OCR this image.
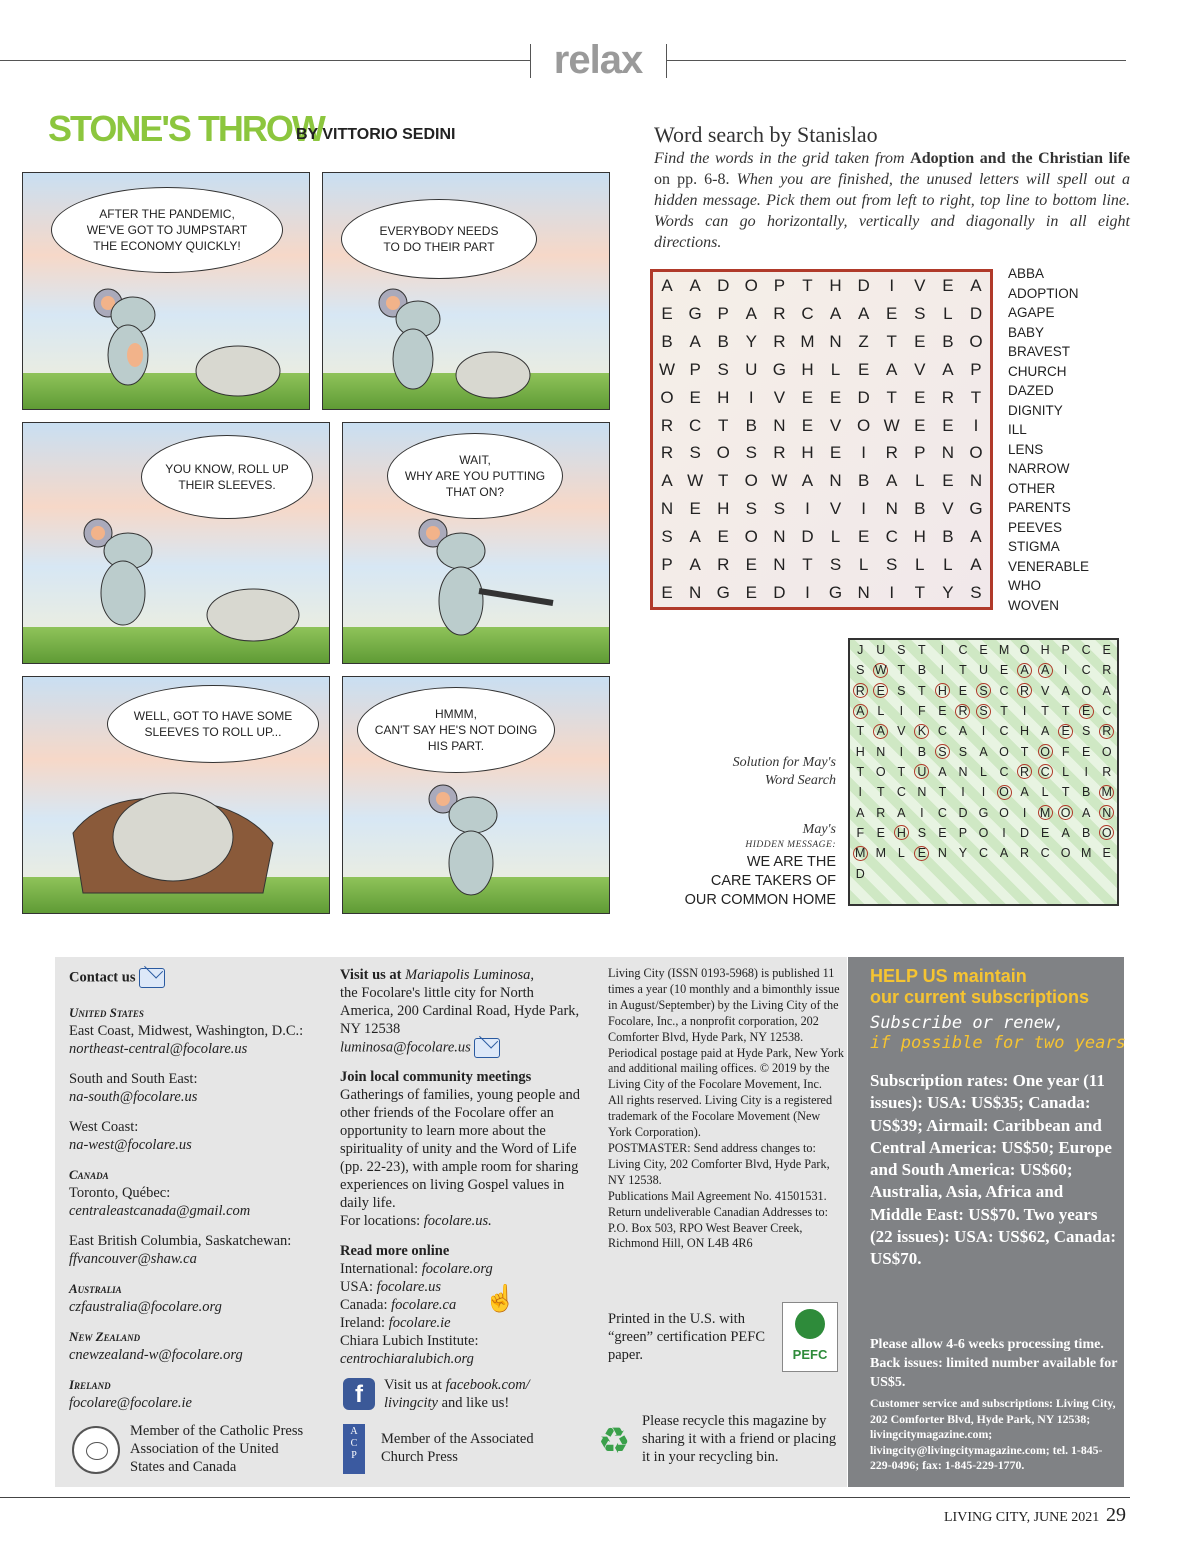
relax
STONE'S THROW
BY VITTORIO SEDINI
AFTER THE PANDEMIC,
WE'VE GOT TO JUMPSTART
THE ECONOMY QUICKLY!
EVERYBODY NEEDS
TO DO THEIR PART
YOU KNOW, ROLL UP
THEIR SLEEVES.
WAIT,
WHY ARE YOU PUTTING
THAT ON?
WELL, GOT TO HAVE SOME
SLEEVES TO ROLL UP...
HMMM,
CAN'T SAY HE'S NOT DOING
HIS PART.
Word search by Stanislao
Find the words in the grid taken from Adoption and the Christian life on pp. 6-8. When you are finished, the unused letters will spell out a hidden message. Pick them out from left to right, top line to bottom line. Words can go horizontally, vertically and diagonally in all eight directions.
A A D O P	T H D	I	V E A
E G P A R C A A E S	L	D
B A B Y R M N Z	T	E B O
W P S U G H	L	E A V A P
O E H	I	V E E D T	E R T
R C T	B N E V O W E E	I
R S O S R H E	I	R P N O
A W T O W A N B A	L	E N
N E H S S	I	V	I	N B V G
S A E O N D	L	E C H B A
P A R E N T	S	L	S	L	L	A
E N G E D	I	G N	I	T	Y S
ABBA
ADOPTION
AGAPE
BABY
BRAVEST
CHURCH
DAZED
DIGNITY
ILL
LENS
NARROW
OTHER
PARENTS
PEEVES
STIGMA
VENERABLE
WHO
WOVEN
Solution for May's Word Search
May's
HIDDEN MESSAGE:
WE ARE THE
CARE TAKERS OF
OUR COMMON HOME
J	U S	T	I	C E M O H P C E
S W T	B	I	T U E A A	I	C R
R E S	T H E S C R V A O A
A	L	I	F	E R S	T	I	T	T	E C
T	A V K C A	I	C H A E S R
H N	I	B S S A O T O F	E O
T O T U A N	L	C R C	L	I	R
I	T C N T	I	I	O A	L	T	B M
A R A	I	C D G O	I	M O A N
F	E H S E P O	I	D E A B O
M M L	E N Y C A R C O M E
D

Contact us

United States

East Coast, Midwest, Washington, D.C.:

northeast-central@focolare.us

South and South East:

na-south@focolare.us

West Coast:

na-west@focolare.us

Canada

Toronto, Québec:

centraleastcanada@gmail.com

East British Columbia, Saskatchewan:

ffvancouver@shaw.ca

Australia

czfaustralia@focolare.org

New Zealand

cnewzealand-w@focolare.org

Ireland

focolare@focolare.ie

Member of the Catholic Press Association of the United States and Canada

Visit us at Mariapolis Luminosa,

the Focolare's little city for North America, 200 Cardinal Road, Hyde Park, NY 12538

luminosa@focolare.us

Join local community meetings

Gatherings of families, young people and other friends of the Focolare offer an opportunity to learn more about the spirituality of unity and the Word of Life (pp. 22-23), with ample room for sharing experiences on living Gospel values in daily life.

For locations: focolare.us.

Read more online

International: focolare.org

USA: focolare.us

Canada: focolare.ca

Ireland: focolare.ie

Chiara Lubich Institute:

centrochiaralubich.org

☝
f	Visit us at facebook.com/ livingcity and like us!
A
C
P
Member of the Associated Church Press

Living City (ISSN 0193-5968) is published 11 times a year (10 monthly and a bimonthly issue in August/September) by the Living City of the Focolare, Inc., a nonprofit corporation, 202 Comforter Blvd, Hyde Park, NY 12538. Periodical postage paid at Hyde Park, New York and additional mailing offices. © 2019 by the Living City of the Focolare Movement, Inc.

All rights reserved. Living City is a registered trademark of the Focolare Movement (New York Corporation).

POSTMASTER: Send address changes to: Living City, 202 Comforter Blvd, Hyde Park, NY 12538.

Publications Mail Agreement No. 41501531. Return undeliverable Canadian Addresses to: P.O. Box 503, RPO West Beaver Creek, Richmond Hill, ON L4B 4R6

Printed in the U.S. with “green” certification PEFC paper.	PEFC
♻ Please recycle this magazine by sharing it with a friend or placing it in your recycling bin.
HELP US maintain
our current subscriptions
Subscribe or renew,
if possible for two years
Subscription rates: One year (11 issues): USA: US$35; Canada: US$39; Airmail: Caribbean and Central America: US$50; Europe and South America: US$60; Australia, Asia, Africa and Middle East: US$70. Two years (22 issues): USA: US$62, Canada: US$70.
Please allow 4-6 weeks processing time. Back issues: limited number available for US$5.
Customer service and subscriptions: Living City, 202 Comforter Blvd, Hyde Park, NY 12538; livingcitymagazine.com; livingcity@livingcitymagazine.com; tel. 1-845-229-0496; fax: 1-845-229-1770.
LIVING CITY, JUNE 2021 29
